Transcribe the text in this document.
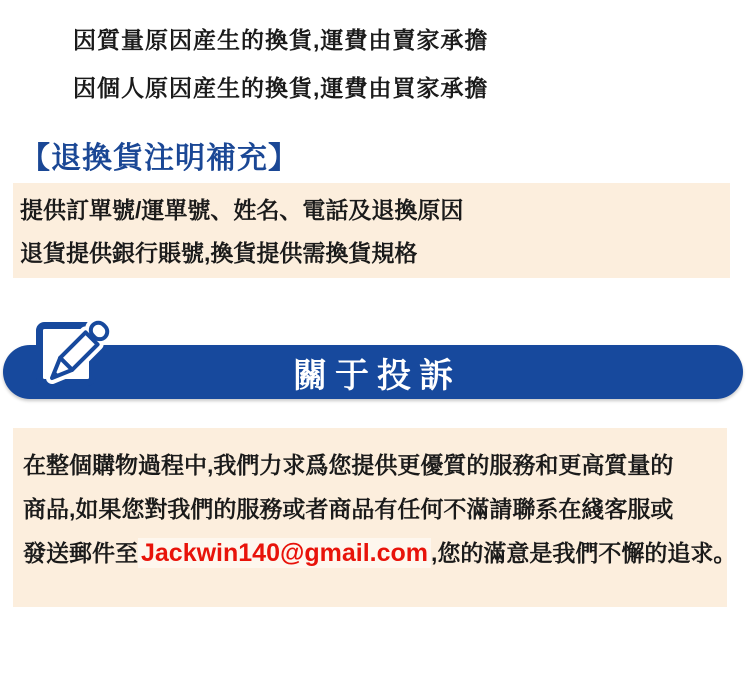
因質量原因産生的換貨,運費由賣家承擔
因個人原因産生的換貨,運費由買家承擔
【退換貨注明補充】
提供訂單號/運單號、姓名、電話及退換原因
退貨提供銀行賬號,換貨提供需換貨規格
關于投訴
在整個購物過程中,我們力求爲您提供更優質的服務和更高質量的
商品,如果您對我們的服務或者商品有任何不滿請聯系在綫客服或
發送郵件至 Jackwin140@gmail.com ,您的滿意是我們不懈的追求。
